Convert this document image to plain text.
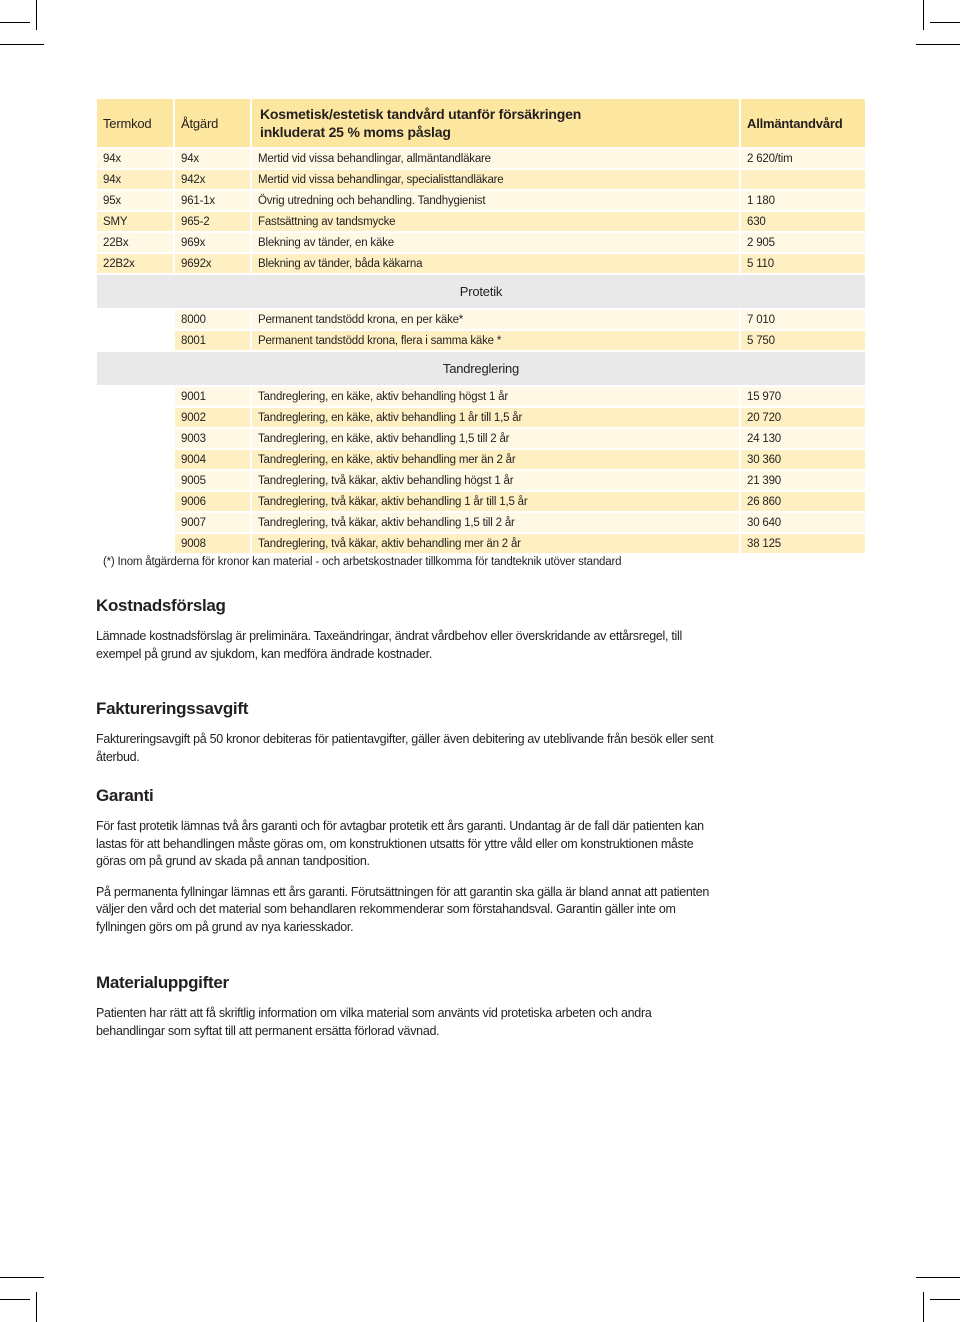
Termkod	Åtgärd	Kosmetisk/estetisk tandvård utanför försäkringen
inkluderat 25 % moms påslag	Allmäntandvård
94x	94x	Mertid vid vissa behandlingar, allmäntandläkare	2 620/tim
94x	942x	Mertid vid vissa behandlingar, specialisttandläkare	
95x	961-1x	Övrig utredning och behandling. Tandhygienist	1 180
SMY	965-2	Fastsättning av tandsmycke	630
22Bx	969x	Blekning av tänder, en käke	2 905
22B2x	9692x	Blekning av tänder, båda käkarna	5 110
Protetik			
	8000	Permanent tandstödd krona, en per käke*	7 010
	8001	Permanent tandstödd krona, flera i samma käke *	5 750
Tandreglering			
	9001	Tandreglering, en käke, aktiv behandling högst 1 år	15 970
	9002	Tandreglering, en käke, aktiv behandling 1 år till 1,5 år	20 720
	9003	Tandreglering, en käke, aktiv behandling 1,5 till 2 år	24 130
	9004	Tandreglering, en käke, aktiv behandling mer än 2 år	30 360
	9005	Tandreglering, två käkar, aktiv behandling högst 1 år	21 390
	9006	Tandreglering, två käkar, aktiv behandling 1 år till 1,5 år	26 860
	9007	Tandreglering, två käkar, aktiv behandling 1,5 till 2 år	30 640
	9008	Tandreglering, två käkar, aktiv behandling mer än 2 år	38 125
(*) Inom åtgärderna för kronor kan material - och arbetskostnader tillkomma för tandteknik utöver standard
Kostnadsförslag

Lämnade kostnadsförslag är preliminära. Taxeändringar, ändrat vårdbehov eller överskridande av ettårsregel, till exempel på grund av sjukdom, kan medföra ändrade kostnader.

Faktureringssavgift

Faktureringsavgift på 50 kronor debiteras för patientavgifter, gäller även debitering av uteblivande från besök eller sent återbud.

Garanti

För fast protetik lämnas två års garanti och för avtagbar protetik ett års garanti. Undantag är de fall där patienten kan lastas för att behandlingen måste göras om, om konstruktionen utsatts för yttre våld eller om konstruktionen måste göras om på grund av skada på annan tandposition.

På permanenta fyllningar lämnas ett års garanti. Förutsättningen för att garantin ska gälla är bland annat att patienten väljer den vård och det material som behandlaren rekommenderar som förstahandsval. Garantin gäller inte om fyllningen görs om på grund av nya kariesskador.

Materialuppgifter

Patienten har rätt att få skriftlig information om vilka material som använts vid protetiska arbeten och andra behandlingar som syftat till att permanent ersätta förlorad vävnad.
